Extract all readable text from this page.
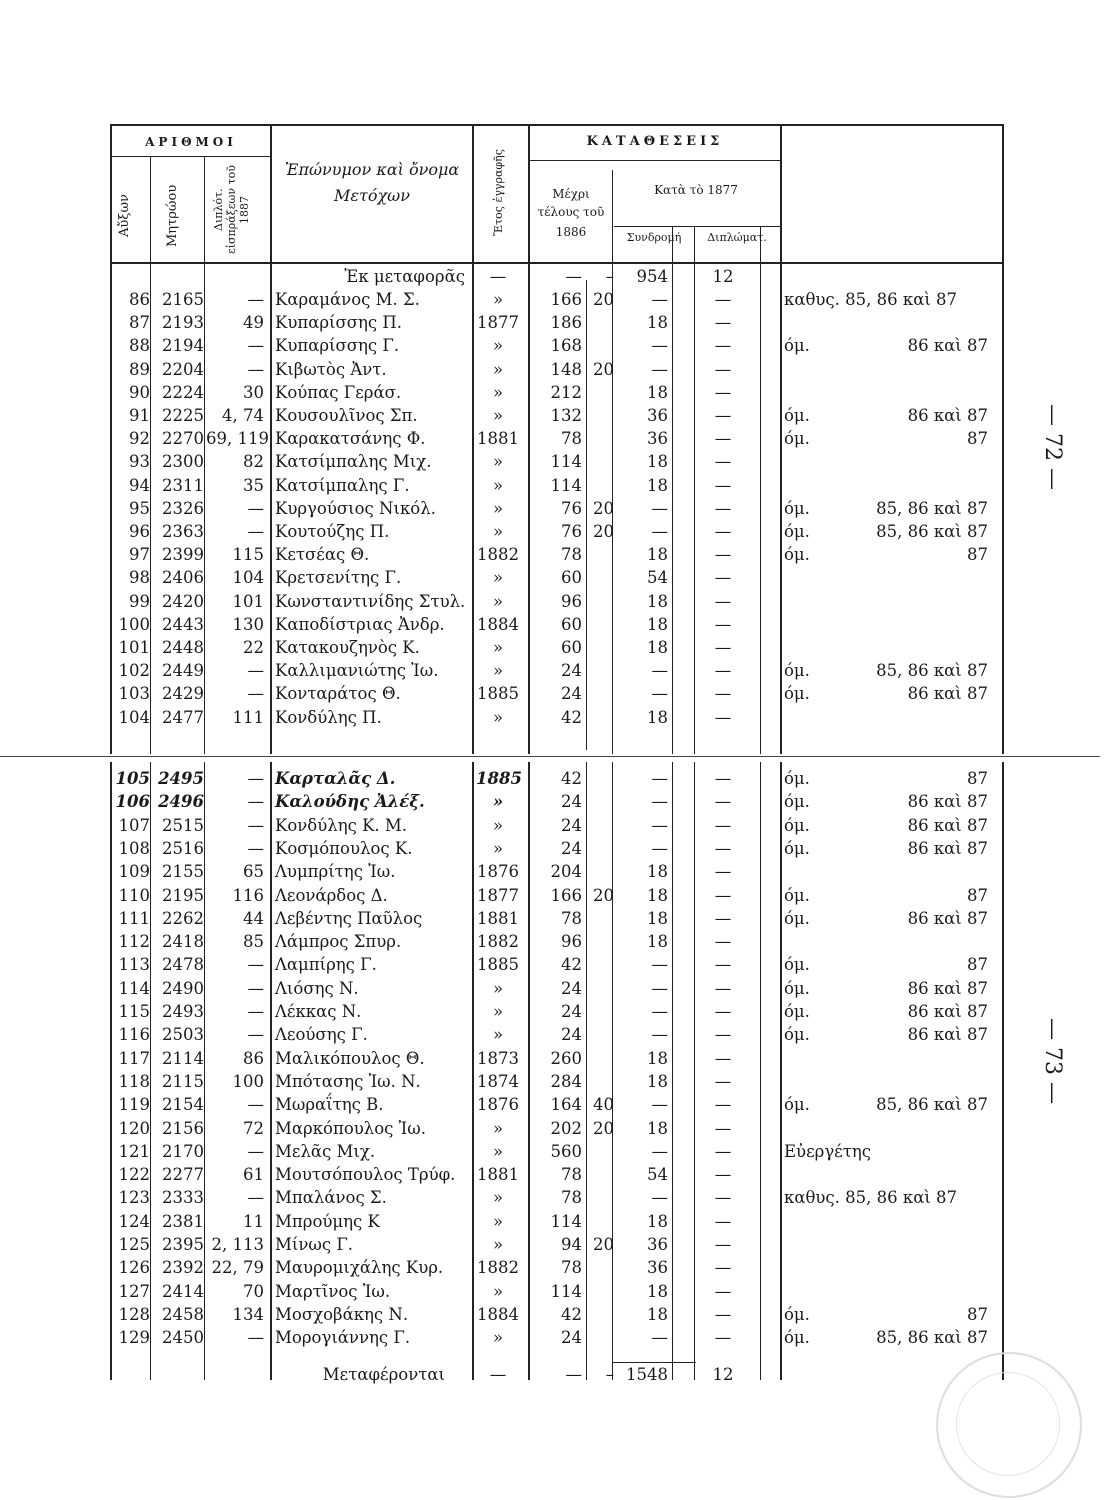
ΑΡΙΘΜΟΙ
Αὔξων	Μητρώου	Διπλότ. εἰσπράξεων τοῦ 1887
Ἐπώνυμον καὶ ὄνομα
Μετόχων	Ἔτος ἐγγραφῆς
ΚΑΤΑΘΕΣΕΙΣ
Μέχρι
τέλους τοῦ
1886
Κατὰ τὸ 1877
Συνδρομή	Διπλώματ.
Ἐκ μεταφορᾶς	—	—	–	954	12
86 2165	— Καραμάνος Μ. Σ.	»	166 20	—	—	καθυς. 85, 86 καὶ 87
87 2193	49 Κυπαρίσσης Π.	1877	186	18	—
88 2194	— Κυπαρίσσης Γ.	»	168	—	—	όμ.	86 καὶ 87
89 2204	— Κιβωτὸς Ἀντ.	»	148 20	—	—
90 2224	30 Κούπας Γεράσ.	»	212	18	—
91 2225	4, 74 Κουσουλῖνος Σπ.	»	132	36	—	όμ.	86 καὶ 87
92 2270 69, 119 Καρακατσάνης Φ.	1881	78	36	—	όμ.	87
93 2300	82 Κατσίμπαλης Μιχ.	»	114	18	—
94 2311	35 Κατσίμπαλης Γ.	»	114	18	—
95 2326	— Κυργούσιος Νικόλ.	»	76 20	—	—	όμ.	85, 86 καὶ 87
96 2363	— Κουτούζης Π.	»	76 20	—	—	όμ.	85, 86 καὶ 87
97 2399	115 Κετσέας Θ.	1882	78	18	—	όμ.	87
98 2406	104 Κρετσενίτης Γ.	»	60	54	—
99 2420	101 Κωνσταντινίδης Στυλ.	»	96	18	—
100 2443	130 Καποδίστριας Ἀνδρ.	1884	60	18	—
101 2448	22 Κατακουζηνὸς Κ.	»	60	18	—
102 2449	— Καλλιμανιώτης Ἰω.	»	24	—	—	όμ.	85, 86 καὶ 87
103 2429	— Κονταράτος Θ.	1885	24	—	—	όμ.	86 καὶ 87
104 2477	111 Κονδύλης Π.	»	42	18	—
105 2495	— Καρταλᾶς Δ.	1885	42	—	—	όμ.	87
106 2496	— Καλούδης Ἀλέξ.	»	24	—	—	όμ.	86 καὶ 87
107 2515	— Κονδύλης Κ. Μ.	»	24	—	—	όμ.	86 καὶ 87
108 2516	— Κοσμόπουλος Κ.	»	24	—	—	όμ.	86 καὶ 87
109 2155	65 Λυμπρίτης Ἰω.	1876	204	18	—
110 2195	116 Λεονάρδος Δ.	1877	166 20	18	—	όμ.	87
111 2262	44 Λεβέντης Παῦλος	1881	78	18	—	όμ.	86 καὶ 87
112 2418	85 Λάμπρος Σπυρ.	1882	96	18	—
113 2478	— Λαμπίρης Γ.	1885	42	—	—	όμ.	87
114 2490	— Λιόσης Ν.	»	24	—	—	όμ.	86 καὶ 87
115 2493	— Λέκκας Ν.	»	24	—	—	όμ.	86 καὶ 87
116 2503	— Λεούσης Γ.	»	24	—	—	όμ.	86 καὶ 87
117 2114	86 Μαλικόπουλος Θ.	1873	260	18	—
118 2115	100 Μπότασης Ἰω. Ν.	1874	284	18	—
119 2154	— Μωραΐτης Β.	1876	164 40	—	—	όμ.	85, 86 καὶ 87
120 2156	72 Μαρκόπουλος Ἰω.	»	202 20	18	—
121 2170	— Μελᾶς Μιχ.	»	560	—	—	Εὐεργέτης
122 2277	61 Μουτσόπουλος Τρύφ.	1881	78	54	—
123 2333	— Μπαλάνος Σ.	»	78	—	—	καθυς. 85, 86 καὶ 87
124 2381	11 Μπρούμης Κ	»	114	18	—
125 2395 2, 113 Μίνως Γ.	»	94 20	36	—
126 2392 22, 79 Μαυρομιχάλης Κυρ.	1882	78	36	—
127 2414	70 Μαρτῖνος Ἰω.	»	114	18	—
128 2458	134 Μοσχοβάκης Ν.	1884	42	18	—	όμ.	87
129 2450	— Μορογιάννης Γ.	»	24	—	—	όμ.	85, 86 καὶ 87
Μεταφέρονται	—	—	– 1548	12
— 72 —
— 73 —
